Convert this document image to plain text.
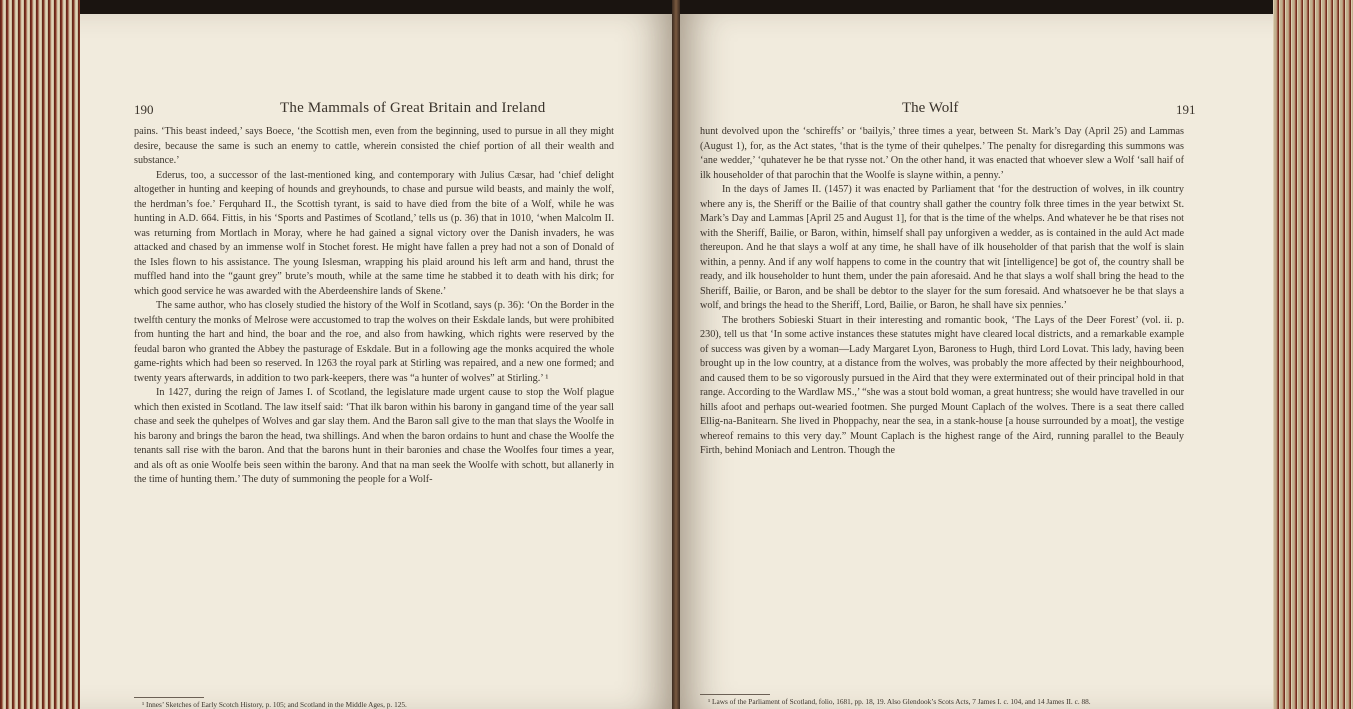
190	The Mammals of Great Britain and Ireland

pains. ‘This beast indeed,’ says Boece, ‘the Scottish men, even from the beginning, used to pursue in all they might desire, because the same is such an enemy to cattle, wherein consisted the chief portion of all their wealth and substance.’

Ederus, too, a successor of the last-mentioned king, and contemporary with Julius Cæsar, had ‘chief delight altogether in hunting and keeping of hounds and greyhounds, to chase and pursue wild beasts, and mainly the wolf, the herdman’s foe.’ Ferquhard II., the Scottish tyrant, is said to have died from the bite of a Wolf, while he was hunting in A.D. 664. Fittis, in his ‘Sports and Pastimes of Scotland,’ tells us (p. 36) that in 1010, ‘when Malcolm II. was returning from Mortlach in Moray, where he had gained a signal victory over the Danish invaders, he was attacked and chased by an immense wolf in Stochet forest. He might have fallen a prey had not a son of Donald of the Isles flown to his assistance. The young Islesman, wrapping his plaid around his left arm and hand, thrust the muffled hand into the “gaunt grey” brute’s mouth, while at the same time he stabbed it to death with his dirk; for which good service he was awarded with the Aberdeenshire lands of Skene.’

The same author, who has closely studied the history of the Wolf in Scotland, says (p. 36): ‘On the Border in the twelfth century the monks of Melrose were accustomed to trap the wolves on their Eskdale lands, but were prohibited from hunting the hart and hind, the boar and the roe, and also from hawking, which rights were reserved by the feudal baron who granted the Abbey the pasturage of Eskdale. But in a following age the monks acquired the whole game-rights which had been so reserved. In 1263 the royal park at Stirling was repaired, and a new one formed; and twenty years afterwards, in addition to two park-keepers, there was “a hunter of wolves” at Stirling.’ ¹

In 1427, during the reign of James I. of Scotland, the legislature made urgent cause to stop the Wolf plague which then existed in Scotland. The law itself said: ‘That ilk baron within his barony in gangand time of the year sall chase and seek the quhelpes of Wolves and gar slay them. And the Baron sall give to the man that slays the Woolfe in his barony and brings the baron the head, twa shillings. And when the baron ordains to hunt and chase the Woolfe the tenants sall rise with the baron. And that the barons hunt in their baronies and chase the Woolfes four times a year, and als oft as onie Woolfe beis seen within the barony. And that na man seek the Woolfe with schott, but allanerly in the time of hunting them.’ The duty of summoning the people for a Wolf-

¹ Innes’ Sketches of Early Scotch History, p. 105; and Scotland in the Middle Ages, p. 125.
The Wolf	191

hunt devolved upon the ‘schireffs’ or ‘bailyis,’ three times a year, between St. Mark’s Day (April 25) and Lammas (August 1), for, as the Act states, ‘that is the tyme of their quhelpes.’ The penalty for disregarding this summons was ‘ane wedder,’ ‘quhatever he be that rysse not.’ On the other hand, it was enacted that whoever slew a Wolf ‘sall haif of ilk householder of that parochin that the Woolfe is slayne within, a penny.’

In the days of James II. (1457) it was enacted by Parliament that ‘for the destruction of wolves, in ilk country where any is, the Sheriff or the Bailie of that country shall gather the country folk three times in the year betwixt St. Mark’s Day and Lammas [April 25 and August 1], for that is the time of the whelps. And whatever he be that rises not with the Sheriff, Bailie, or Baron, within, himself shall pay unforgiven a wedder, as is contained in the auld Act made thereupon. And he that slays a wolf at any time, he shall have of ilk householder of that parish that the wolf is slain within, a penny. And if any wolf happens to come in the country that wit [intelligence] be got of, the country shall be ready, and ilk householder to hunt them, under the pain aforesaid. And he that slays a wolf shall bring the head to the Sheriff, Bailie, or Baron, and be shall be debtor to the slayer for the sum foresaid. And whatsoever he be that slays a wolf, and brings the head to the Sheriff, Lord, Bailie, or Baron, he shall have six pennies.’

The brothers Sobieski Stuart in their interesting and romantic book, ‘The Lays of the Deer Forest’ (vol. ii. p. 230), tell us that ‘In some active instances these statutes might have cleared local districts, and a remarkable example of success was given by a woman—Lady Margaret Lyon, Baroness to Hugh, third Lord Lovat. This lady, having been brought up in the low country, at a distance from the wolves, was probably the more affected by their neighbourhood, and caused them to be so vigorously pursued in the Aird that they were exterminated out of their principal hold in that range. According to the Wardlaw MS.,’ “she was a stout bold woman, a great huntress; she would have travelled in our hills afoot and perhaps out-wearied footmen. She purged Mount Caplach of the wolves. There is a seat there called Ellig-na-Banitearn. She lived in Phoppachy, near the sea, in a stank-house [a house surrounded by a moat], the vestige whereof remains to this very day.” Mount Caplach is the highest range of the Aird, running parallel to the Beauly Firth, behind Moniach and Lentron. Though the

¹ Laws of the Parliament of Scotland, folio, 1681, pp. 18, 19. Also Glendook’s Scots Acts, 7 James I. c. 104, and 14 James II. c. 88.
